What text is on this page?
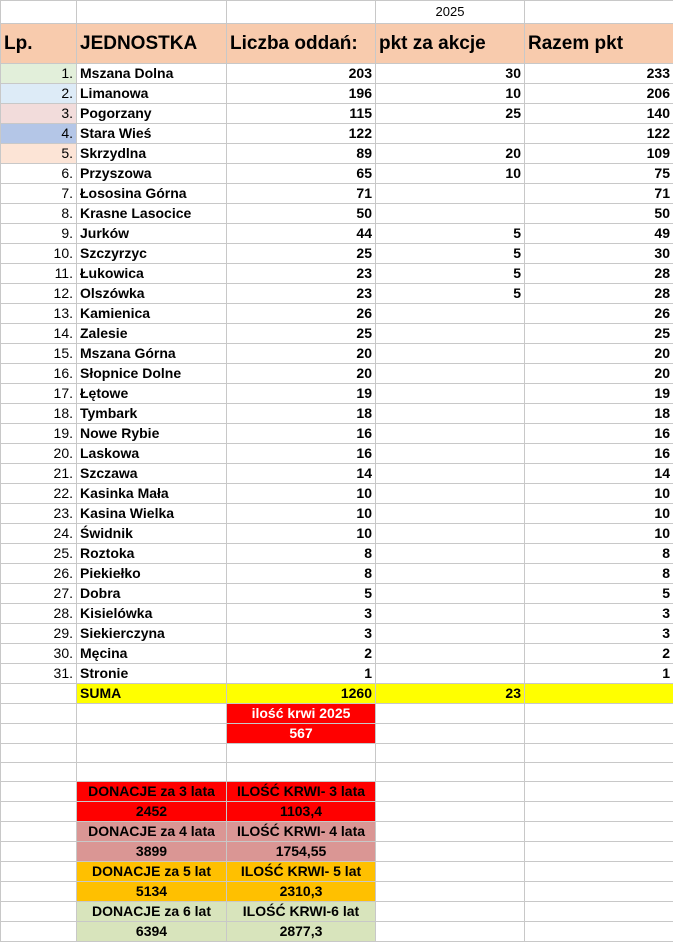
			2025	
Lp.	JEDNOSTKA	Liczba oddań:	pkt za akcje	Razem pkt
1.	Mszana Dolna	203	30	233
2.	Limanowa	196	10	206
3.	Pogorzany	115	25	140
4.	Stara Wieś	122		122
5.	Skrzydlna	89	20	109
6.	Przyszowa	65	10	75
7.	Łososina Górna	71		71
8.	Krasne Lasocice	50		50
9.	Jurków	44	5	49
10.	Szczyrzyc	25	5	30
11.	Łukowica	23	5	28
12.	Olszówka	23	5	28
13.	Kamienica	26		26
14.	Zalesie	25		25
15.	Mszana Górna	20		20
16.	Słopnice Dolne	20		20
17.	Łętowe	19		19
18.	Tymbark	18		18
19.	Nowe Rybie	16		16
20.	Laskowa	16		16
21.	Szczawa	14		14
22.	Kasinka Mała	10		10
23.	Kasina Wielka	10		10
24.	Świdnik	10		10
25.	Roztoka	8		8
26.	Piekiełko	8		8
27.	Dobra	5		5
28.	Kisielówka	3		3
29.	Siekierczyna	3		3
30.	Męcina	2		2
31.	Stronie	1		1
	SUMA	1260	23	
		ilość krwi 2025		
		567		

	DONACJE za 3 lata	ILOŚĆ KRWI- 3 lata		
	2452	1103,4		
	DONACJE za 4 lata	ILOŚĆ KRWI- 4 lata		
	3899	1754,55		
	DONACJE za 5 lat	ILOŚĆ KRWI- 5 lat		
	5134	2310,3		
	DONACJE za 6 lat	ILOŚĆ KRWI-6 lat		
	6394	2877,3		
